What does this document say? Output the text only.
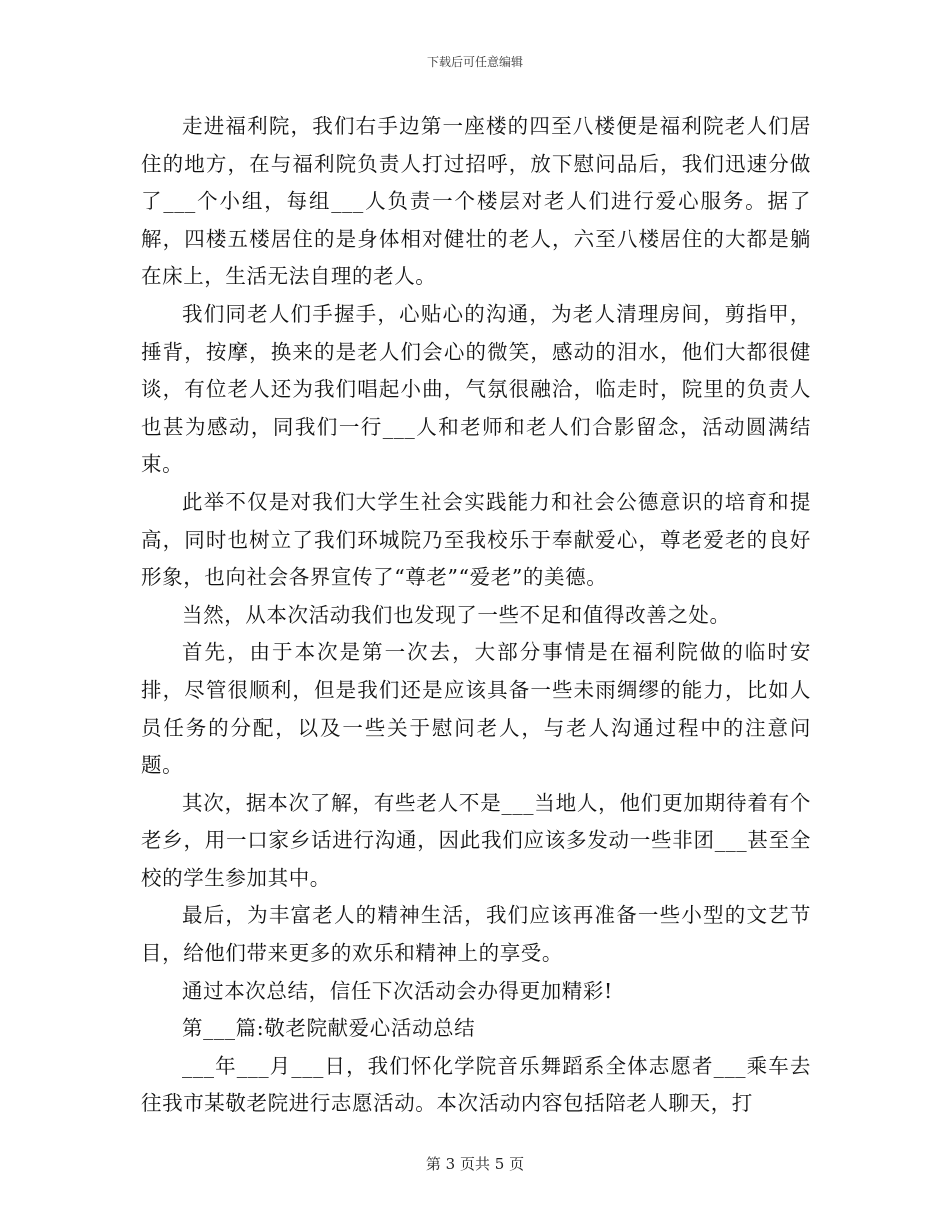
下载后可任意编辑

走进福利院，我们右手边第一座楼的四至八楼便是福利院老人们居住的地方，在与福利院负责人打过招呼，放下慰问品后，我们迅速分做了___个小组，每组___人负责一个楼层对老人们进行爱心服务。据了解，四楼五楼居住的是身体相对健壮的老人，六至八楼居住的大都是躺在床上，生活无法自理的老人。

我们同老人们手握手，心贴心的沟通，为老人清理房间，剪指甲，捶背，按摩，换来的是老人们会心的微笑，感动的泪水，他们大都很健谈，有位老人还为我们唱起小曲，气氛很融洽，临走时，院里的负责人也甚为感动，同我们一行___人和老师和老人们合影留念，活动圆满结束。

此举不仅是对我们大学生社会实践能力和社会公德意识的培育和提高，同时也树立了我们环城院乃至我校乐于奉献爱心，尊老爱老的良好形象，也向社会各界宣传了“尊老”“爱老”的美德。

当然，从本次活动我们也发现了一些不足和值得改善之处。

首先，由于本次是第一次去，大部分事情是在福利院做的临时安排，尽管很顺利，但是我们还是应该具备一些未雨绸缪的能力，比如人员任务的分配，以及一些关于慰问老人，与老人沟通过程中的注意问题。

其次，据本次了解，有些老人不是___当地人，他们更加期待着有个老乡，用一口家乡话进行沟通，因此我们应该多发动一些非团___甚至全校的学生参加其中。

最后，为丰富老人的精神生活，我们应该再准备一些小型的文艺节目，给他们带来更多的欢乐和精神上的享受。

通过本次总结，信任下次活动会办得更加精彩!

第___篇:敬老院献爱心活动总结

___年___月___日，我们怀化学院音乐舞蹈系全体志愿者___乘车去往我市某敬老院进行志愿活动。本次活动内容包括陪老人聊天，打

第 3 页共 5 页
